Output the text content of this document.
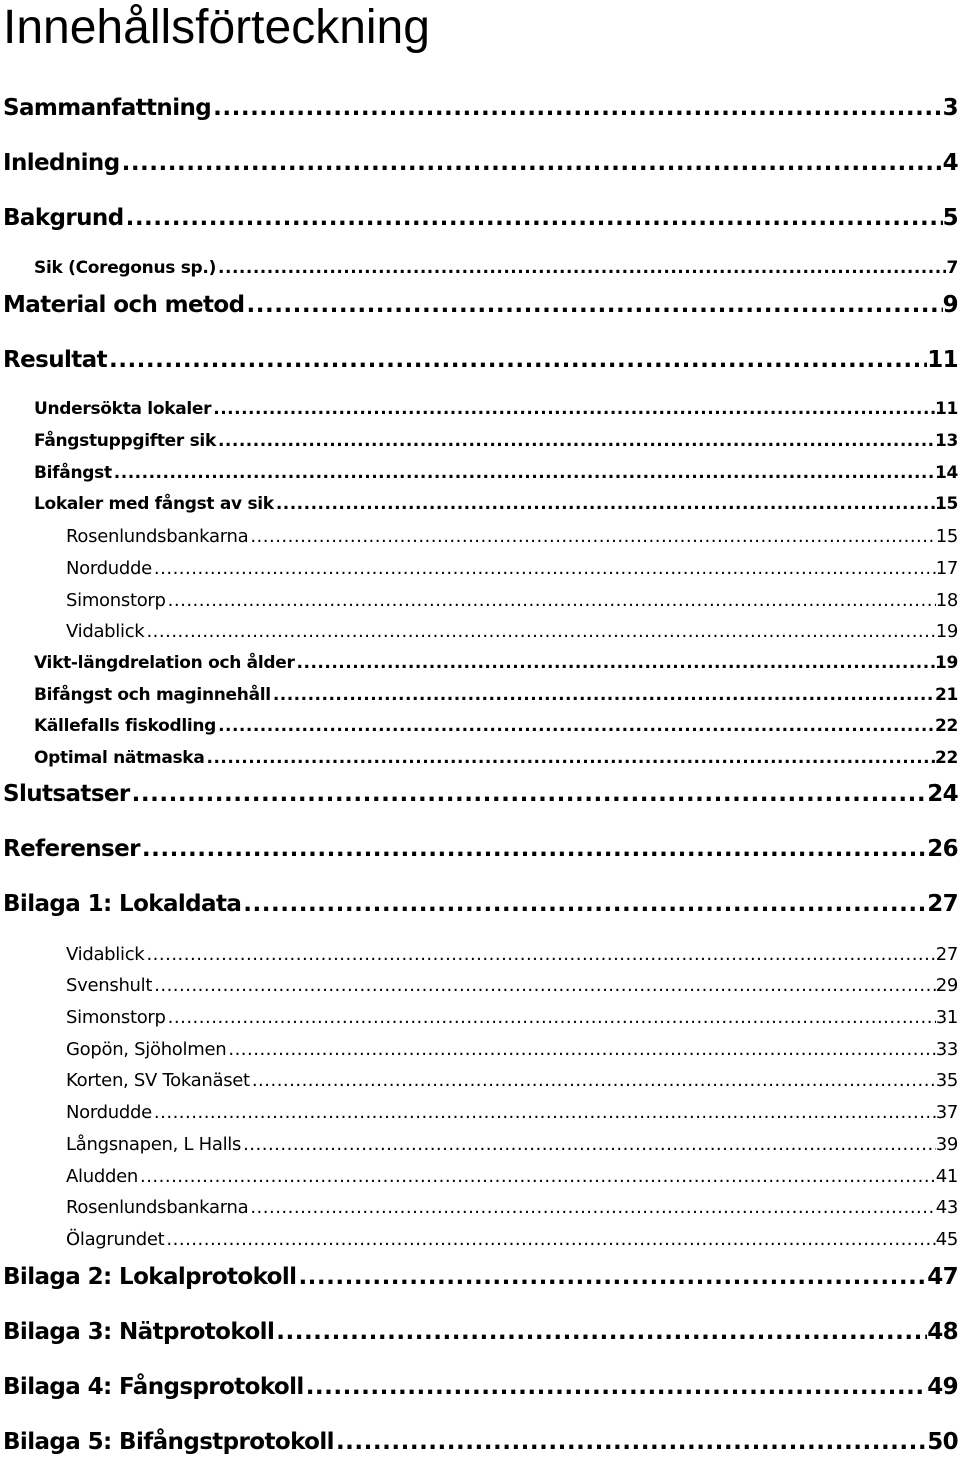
Innehållsförteckning
Sammanfattning .....	3
Inledning .....	4
Bakgrund .....	5
Sik (Coregonus sp.) .....	7
Material och metod .....	9
Resultat .....	11
Undersökta lokaler .....	11
Fångstuppgifter sik .....	13
Bifångst .....	14
Lokaler med fångst av sik .....	15
Rosenlundsbankarna .....	15
Nordudde .....	17
Simonstorp .....	18
Vidablick .....	19
Vikt-längdrelation och ålder .....	19
Bifångst och maginnehåll .....	21
Källefalls fiskodling .....	22
Optimal nätmaska .....	22
Slutsatser .....	24
Referenser .....	26
Bilaga 1: Lokaldata .....	27
Vidablick .....	27
Svenshult .....	29
Simonstorp .....	31
Gopön, Sjöholmen .....	33
Korten, SV Tokanäset .....	35
Nordudde .....	37
Långsnapen, L Halls .....	39
Aludden .....	41
Rosenlundsbankarna .....	43
Ölagrundet .....	45
Bilaga 2: Lokalprotokoll .....	47
Bilaga 3: Nätprotokoll .....	48
Bilaga 4: Fångsprotokoll .....	49
Bilaga 5: Bifångstprotokoll .....	50
